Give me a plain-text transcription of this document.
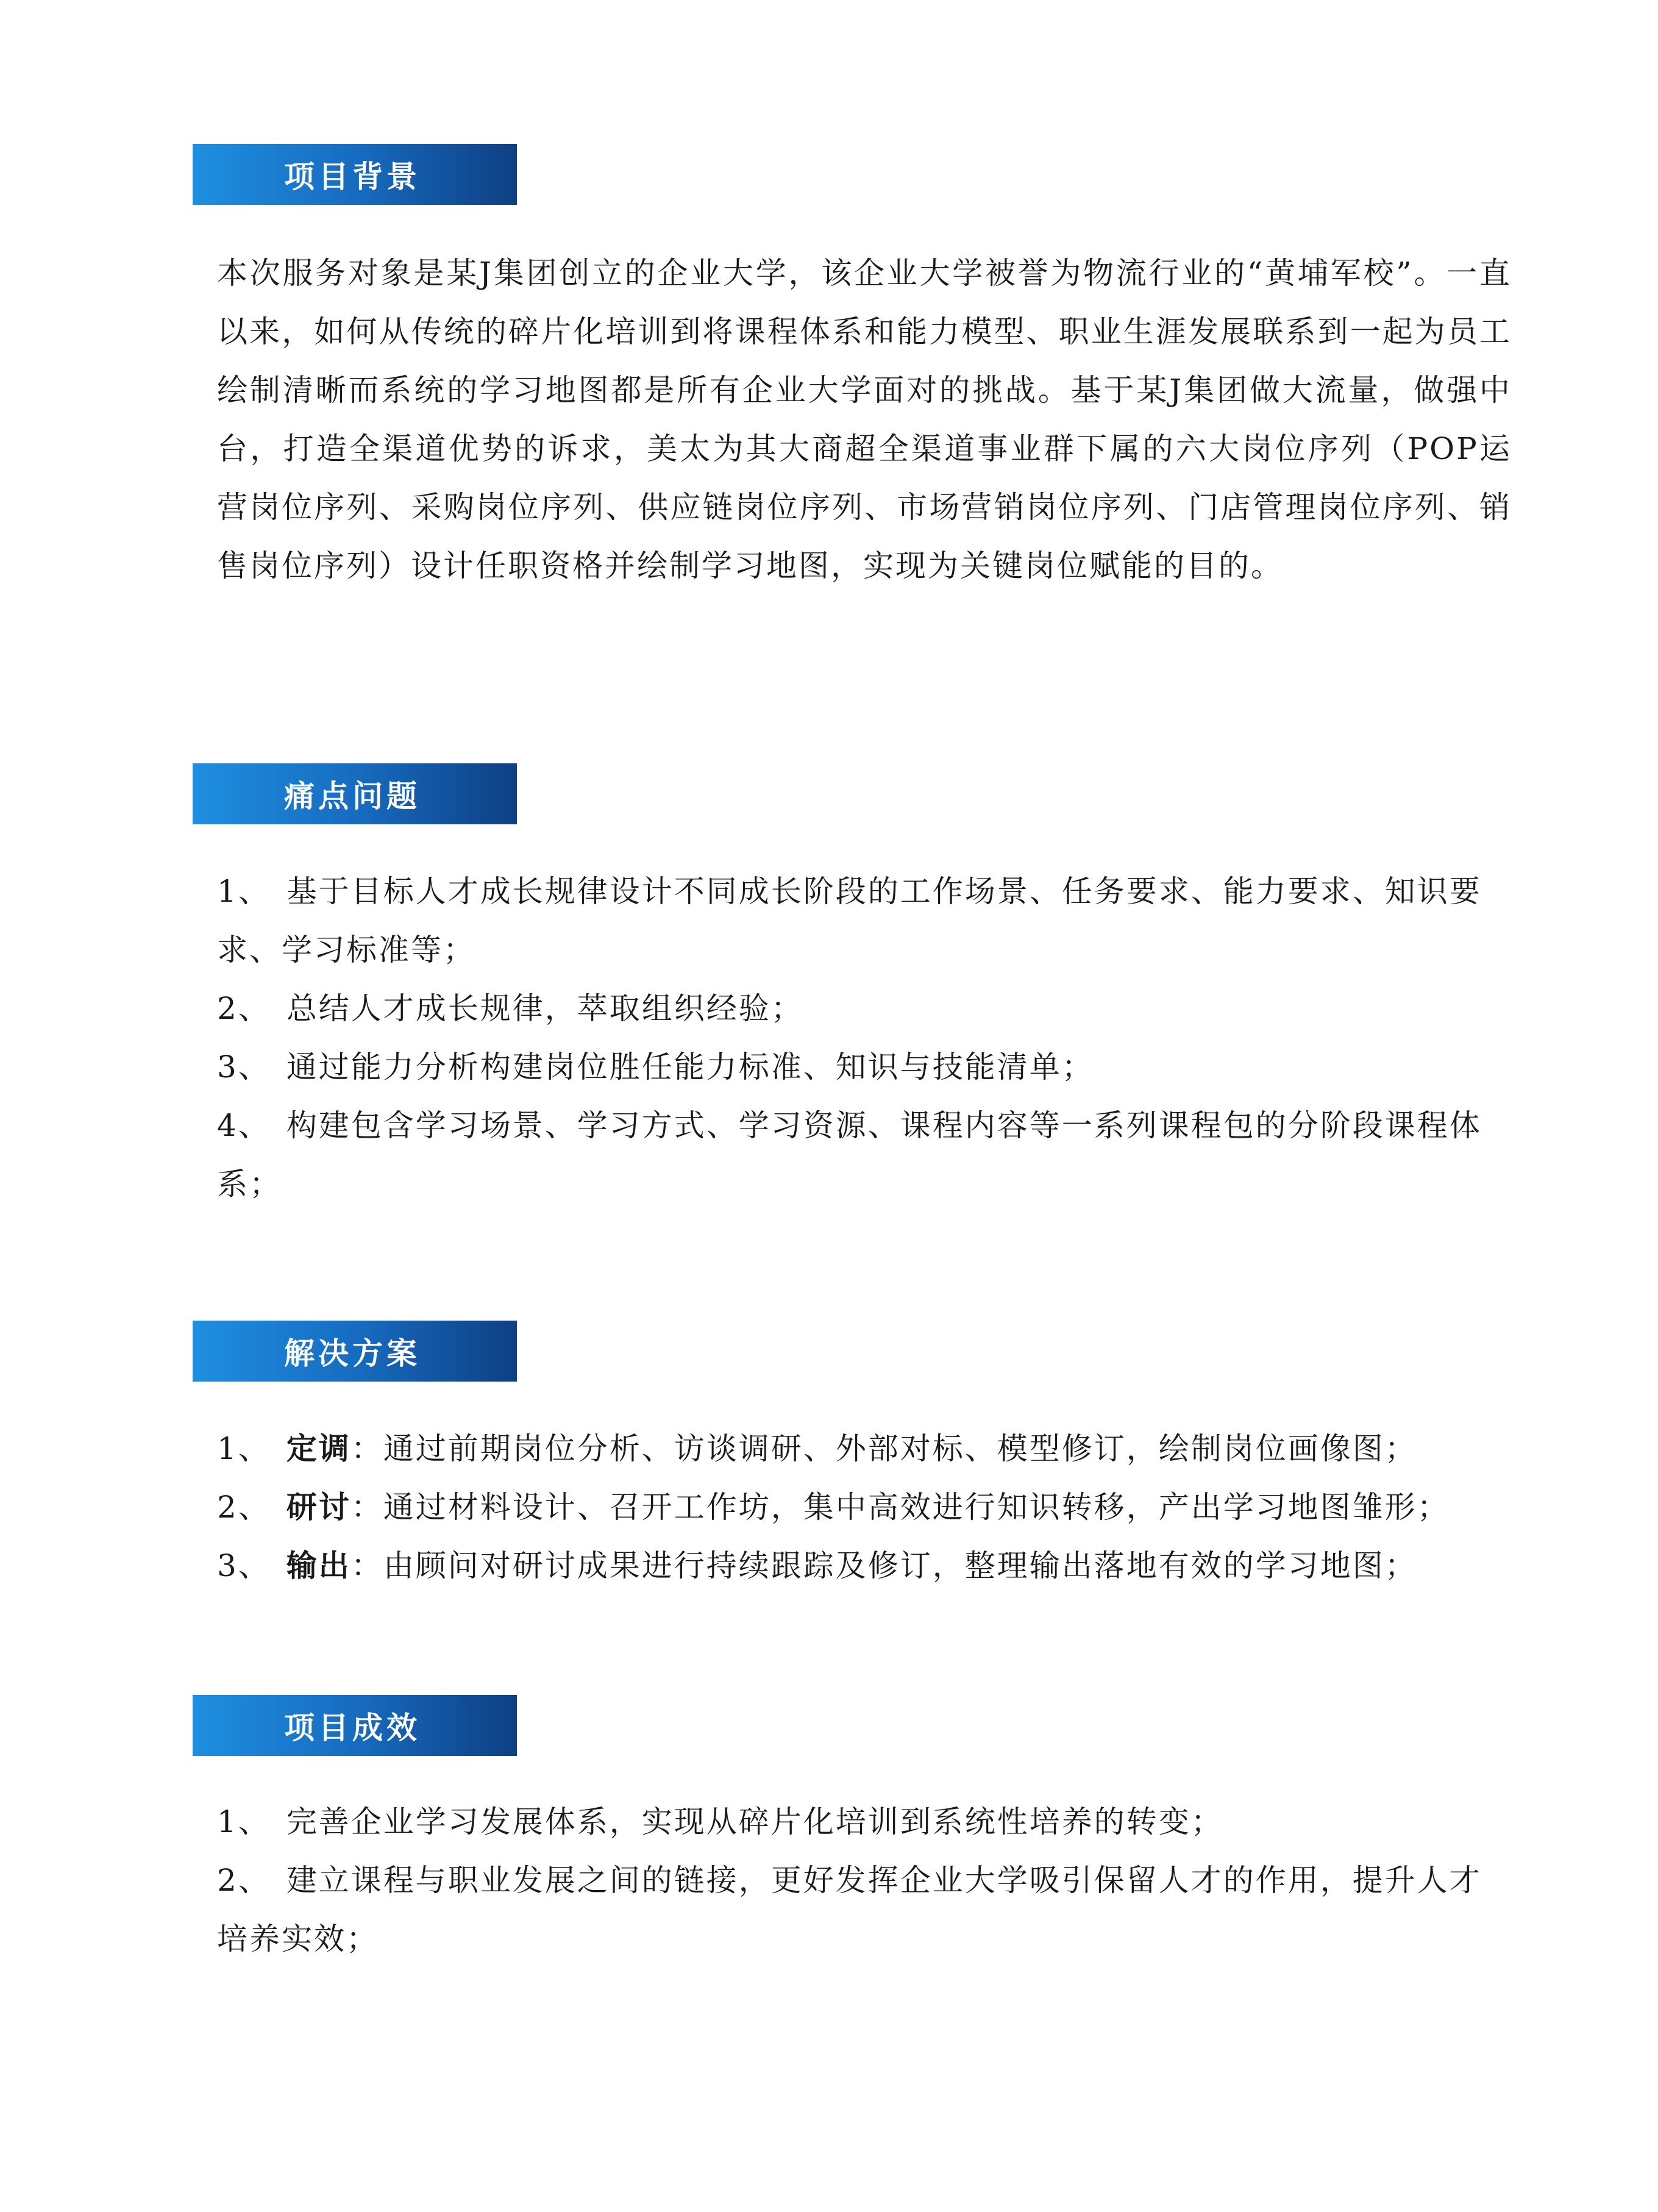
项目背景

本次服务对象是某J集团创立的企业大学，该企业大学被誉为物流行业的“黄埔军校”。一直以来，如何从传统的碎片化培训到将课程体系和能力模型、职业生涯发展联系到一起为员工绘制清晰而系统的学习地图都是所有企业大学面对的挑战。基于某J集团做大流量，做强中台，打造全渠道优势的诉求，美太为其大商超全渠道事业群下属的六大岗位序列（POP运营岗位序列、采购岗位序列、供应链岗位序列、市场营销岗位序列、门店管理岗位序列、销售岗位序列）设计任职资格并绘制学习地图，实现为关键岗位赋能的目的。

痛点问题
1、 基于目标人才成长规律设计不同成长阶段的工作场景、任务要求、能力要求、知识要求、学习标准等；
2、 总结人才成长规律，萃取组织经验；
3、 通过能力分析构建岗位胜任能力标准、知识与技能清单；
4、 构建包含学习场景、学习方式、学习资源、课程内容等一系列课程包的分阶段课程体系；
解决方案
1、 定调：通过前期岗位分析、访谈调研、外部对标、模型修订，绘制岗位画像图；
2、 研讨：通过材料设计、召开工作坊，集中高效进行知识转移，产出学习地图雏形；
3、 输出：由顾问对研讨成果进行持续跟踪及修订，整理输出落地有效的学习地图；
项目成效
1、 完善企业学习发展体系，实现从碎片化培训到系统性培养的转变；
2、 建立课程与职业发展之间的链接，更好发挥企业大学吸引保留人才的作用，提升人才培养实效；
